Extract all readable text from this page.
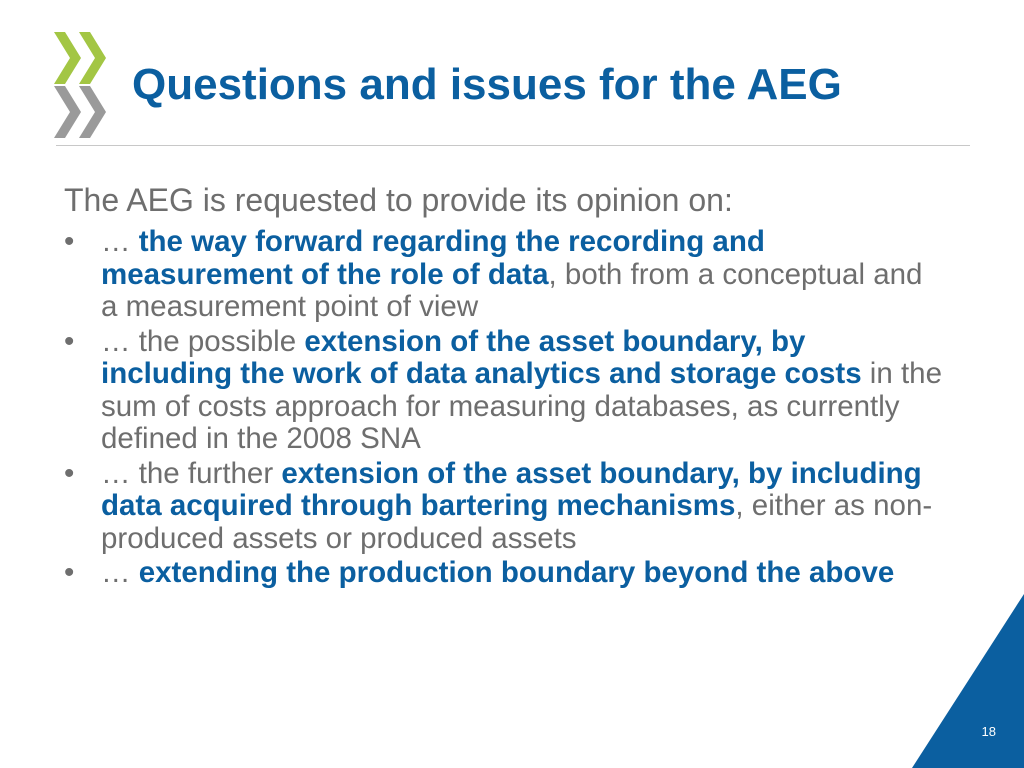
Questions and issues for the AEG

The AEG is requested to provide its opinion on:

• … the way forward regarding the recording and measurement of the role of data, both from a conceptual and a measurement point of view
• … the possible extension of the asset boundary, by including the work of data analytics and storage costs in the sum of costs approach for measuring databases, as currently defined in the 2008 SNA
• … the further extension of the asset boundary, by including data acquired through bartering mechanisms, either as non-produced assets or produced assets
• … extending the production boundary beyond the above
18
